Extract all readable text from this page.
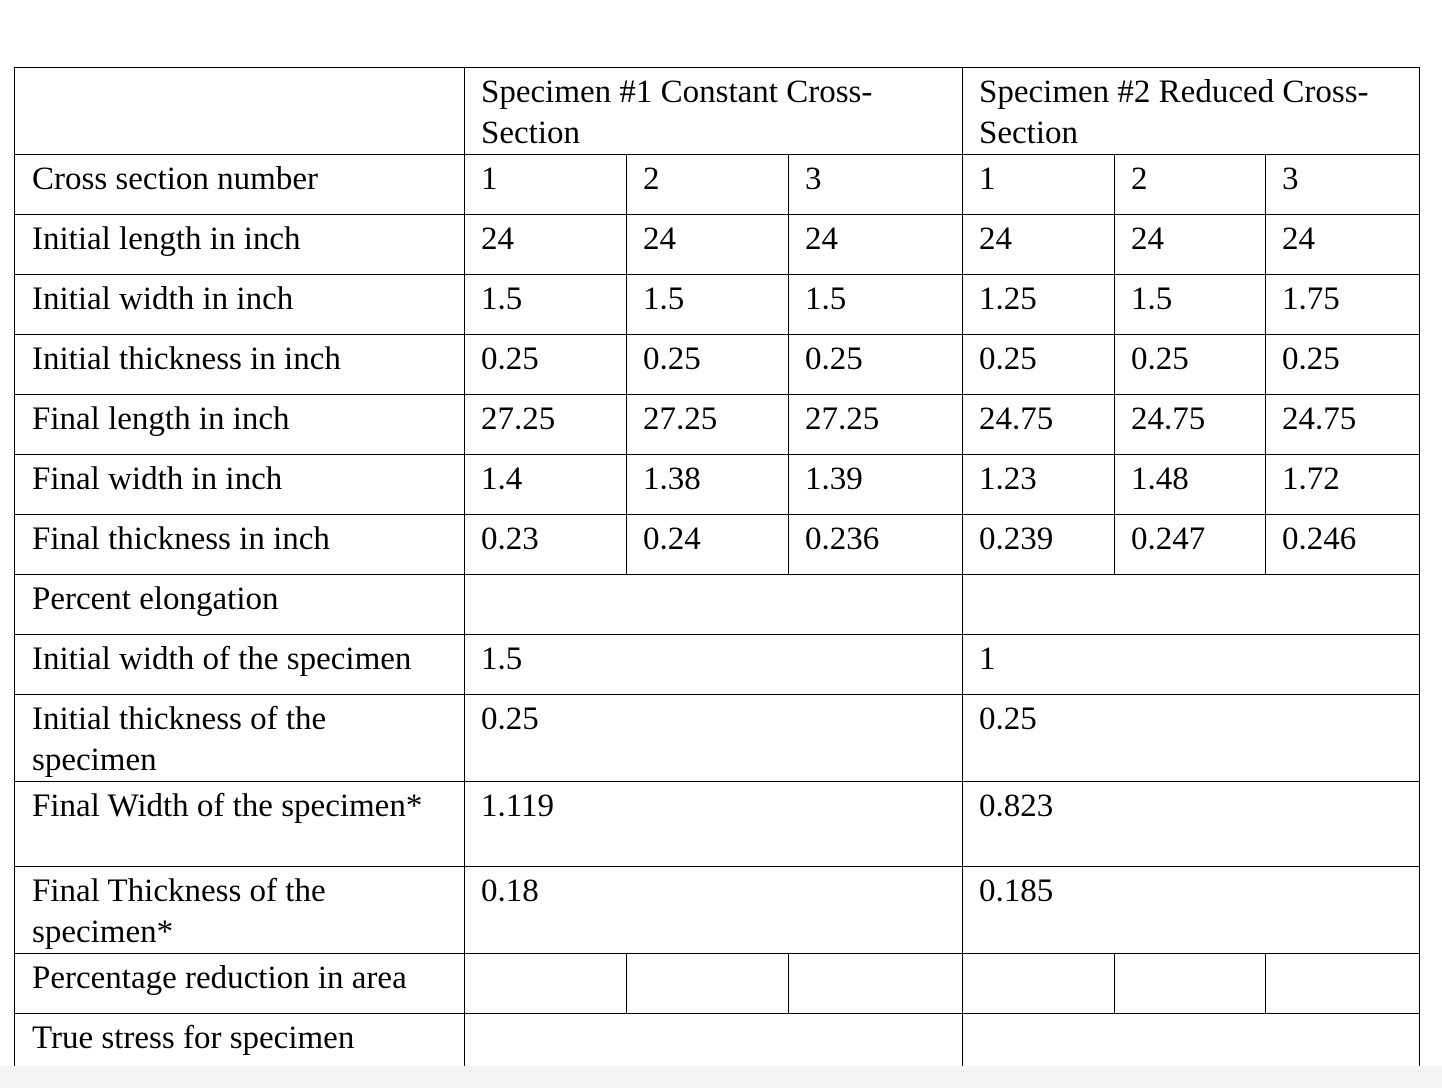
	Specimen #1 Constant Cross-Section			Specimen #2 Reduced Cross-Section		
Cross section number	1	2	3	1	2	3
Initial length in inch	24	24	24	24	24	24
Initial width in inch	1.5	1.5	1.5	1.25	1.5	1.75
Initial thickness in inch	0.25	0.25	0.25	0.25	0.25	0.25
Final length in inch	27.25	27.25	27.25	24.75	24.75	24.75
Final width in inch	1.4	1.38	1.39	1.23	1.48	1.72
Final thickness in inch	0.23	0.24	0.236	0.239	0.247	0.246
Percent elongation						
Initial width of the specimen	1.5			1		
Initial thickness of the specimen	0.25			0.25		
Final Width of the specimen*	1.119			0.823		
Final Thickness of the specimen*	0.18			0.185		
Percentage reduction in area						
True stress for specimen						
